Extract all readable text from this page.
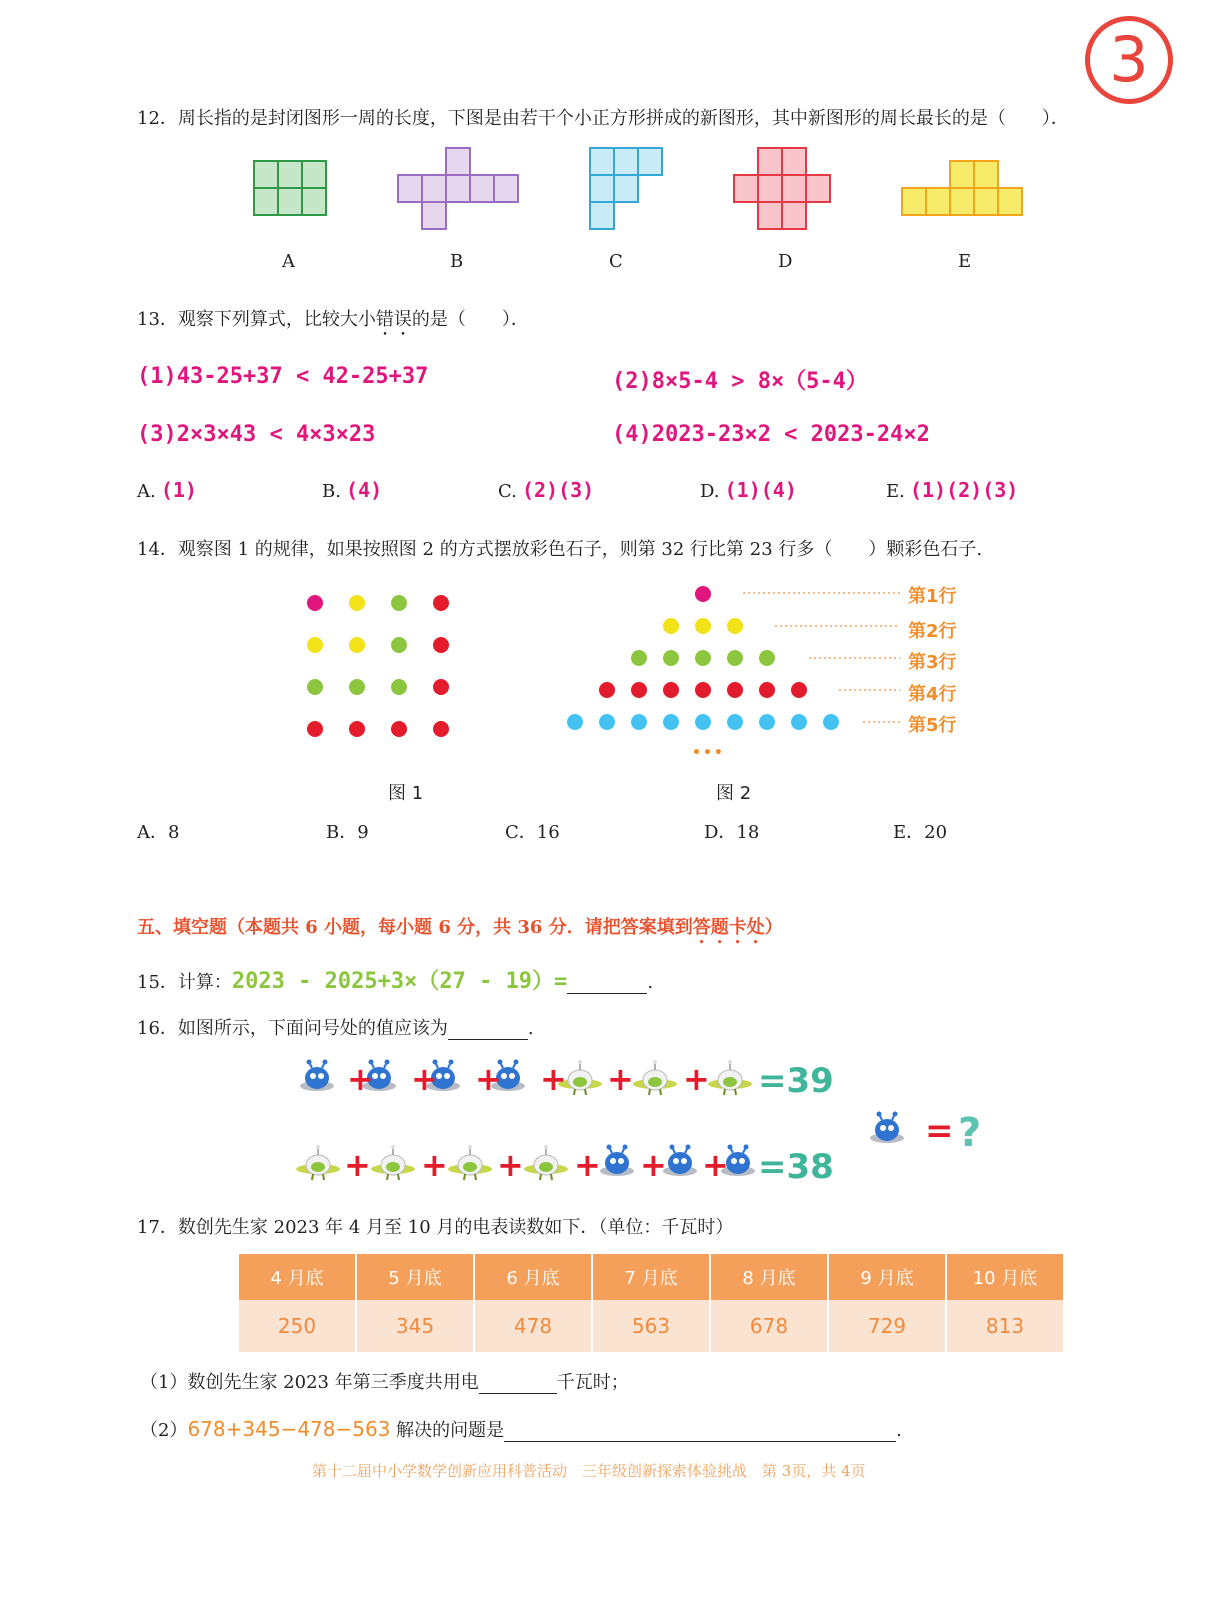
3
12．周长指的是封闭图形一周的长度，下图是由若干个小正方形拼成的新图形，其中新图形的周长最长的是（　　）．
A	B	C	D	E
13．观察下列算式，比较大小错误的是（　　）．
(1)43-25+37 < 42-25+37	(2)8×5-4 > 8×（5-4）
(3)2×3×43 < 4×3×23	(4)2023-23×2 < 2023-24×2
A. (1)	B. (4)	C. (2)(3)	D. (1)(4)	E. (1)(2)(3)
14．观察图 1 的规律，如果按照图 2 的方式摆放彩色石子，则第 32 行比第 23 行多（　　）颗彩色石子.
第1行
第2行
第3行
第4行
第5行
•••
图 1	图 2
A．8	B．9	C．16	D．18	E．20
五、填空题（本题共 6 小题，每小题 6 分，共 36 分．请把答案填到答题卡处）
15．计算：2023 - 2025+3×（27 - 19）=	.
16．如图所示，下面问号处的值应该为	.
+ + + + + + =39
+ + + + + + =38
= ?
17．数创先生家 2023 年 4 月至 10 月的电表读数如下．（单位：千瓦时）
4 月底	5 月底	6 月底	7 月底	8 月底	9 月底	10 月底
250	345	478	563	678	729	813
（1）数创先生家 2023 年第三季度共用电	千瓦时；
（2）678+345−478−563 解决的问题是	.
第十二届中小学数学创新应用科普活动　三年级创新探索体验挑战　第 3页，共 4页
